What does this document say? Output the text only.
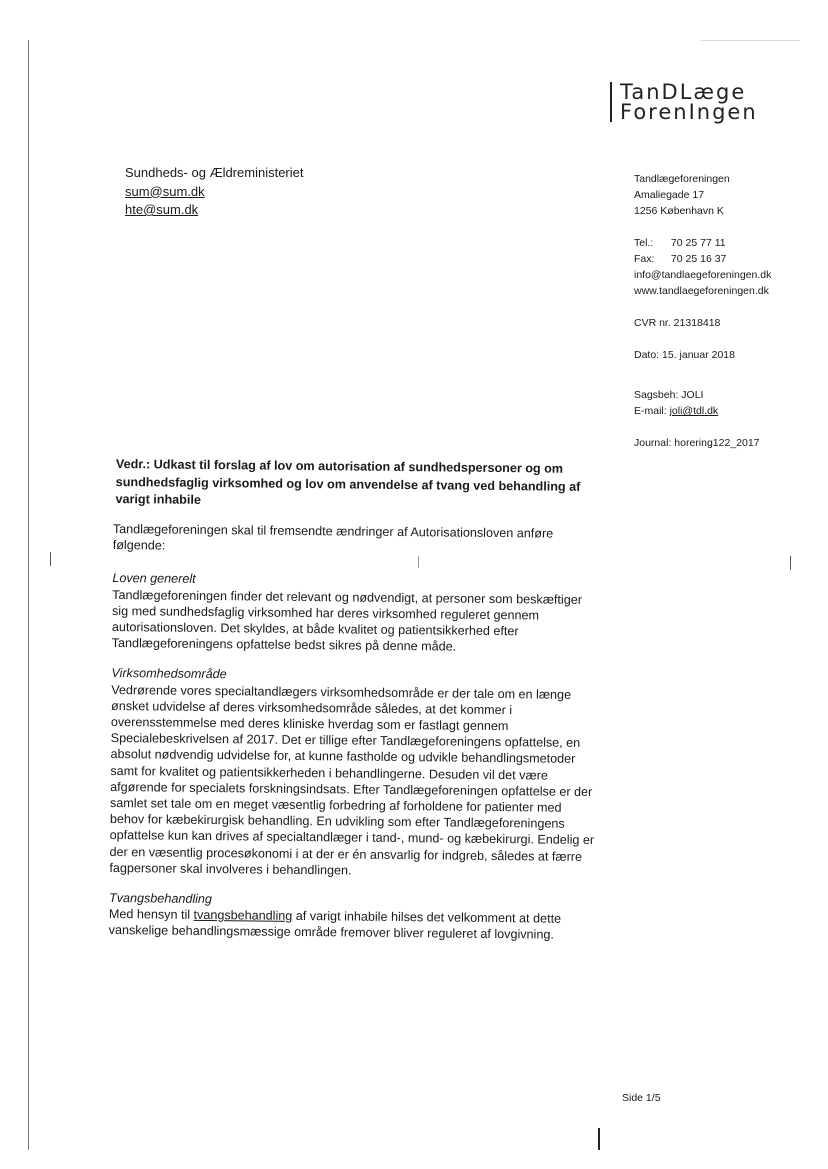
TanDLæge
ForenIngen
Sundheds- og Ældreministeriet
sum@sum.dk
hte@sum.dk
Tandlægeforeningen
Amaliegade 17
1256 København K
Tel.: 70 25 77 11
Fax: 70 25 16 37
info@tandlaegeforeningen.dk
www.tandlaegeforeningen.dk
CVR nr. 21318418
Dato: 15. januar 2018
Sagsbeh: JOLI
E-mail: joli@tdl.dk
Journal: horering122_2017
Vedr.: Udkast til forslag af lov om autorisation af sundhedspersoner og om sundhedsfaglig virksomhed og lov om anvendelse af tvang ved behandling af varigt inhabile

Tandlægeforeningen skal til fremsendte ændringer af Autorisationsloven anføre følgende:

Loven generelt

Tandlægeforeningen finder det relevant og nødvendigt, at personer som beskæftiger sig med sundhedsfaglig virksomhed har deres virksomhed reguleret gennem autorisationsloven. Det skyldes, at både kvalitet og patientsikkerhed efter Tandlægeforeningens opfattelse bedst sikres på denne måde.

Virksomhedsområde

Vedrørende vores specialtandlægers virksomhedsområde er der tale om en længe ønsket udvidelse af deres virksomhedsområde således, at det kommer i overensstemmelse med deres kliniske hverdag som er fastlagt gennem Specialebeskrivelsen af 2017. Det er tillige efter Tandlægeforeningens opfattelse, en absolut nødvendig udvidelse for, at kunne fastholde og udvikle behandlingsmetoder samt for kvalitet og patientsikkerheden i behandlingerne. Desuden vil det være afgørende for specialets forskningsindsats. Efter Tandlægeforeningen opfattelse er der samlet set tale om en meget væsentlig forbedring af forholdene for patienter med behov for kæbekirurgisk behandling. En udvikling som efter Tandlægeforeningens opfattelse kun kan drives af specialtandlæger i tand-, mund- og kæbekirurgi. Endelig er der en væsentlig procesøkonomi i at der er én ansvarlig for indgreb, således at færre fagpersoner skal involveres i behandlingen.

Tvangsbehandling

Med hensyn til tvangsbehandling af varigt inhabile hilses det velkomment at dette vanskelige behandlingsmæssige område fremover bliver reguleret af lovgivning.

Side 1/5
